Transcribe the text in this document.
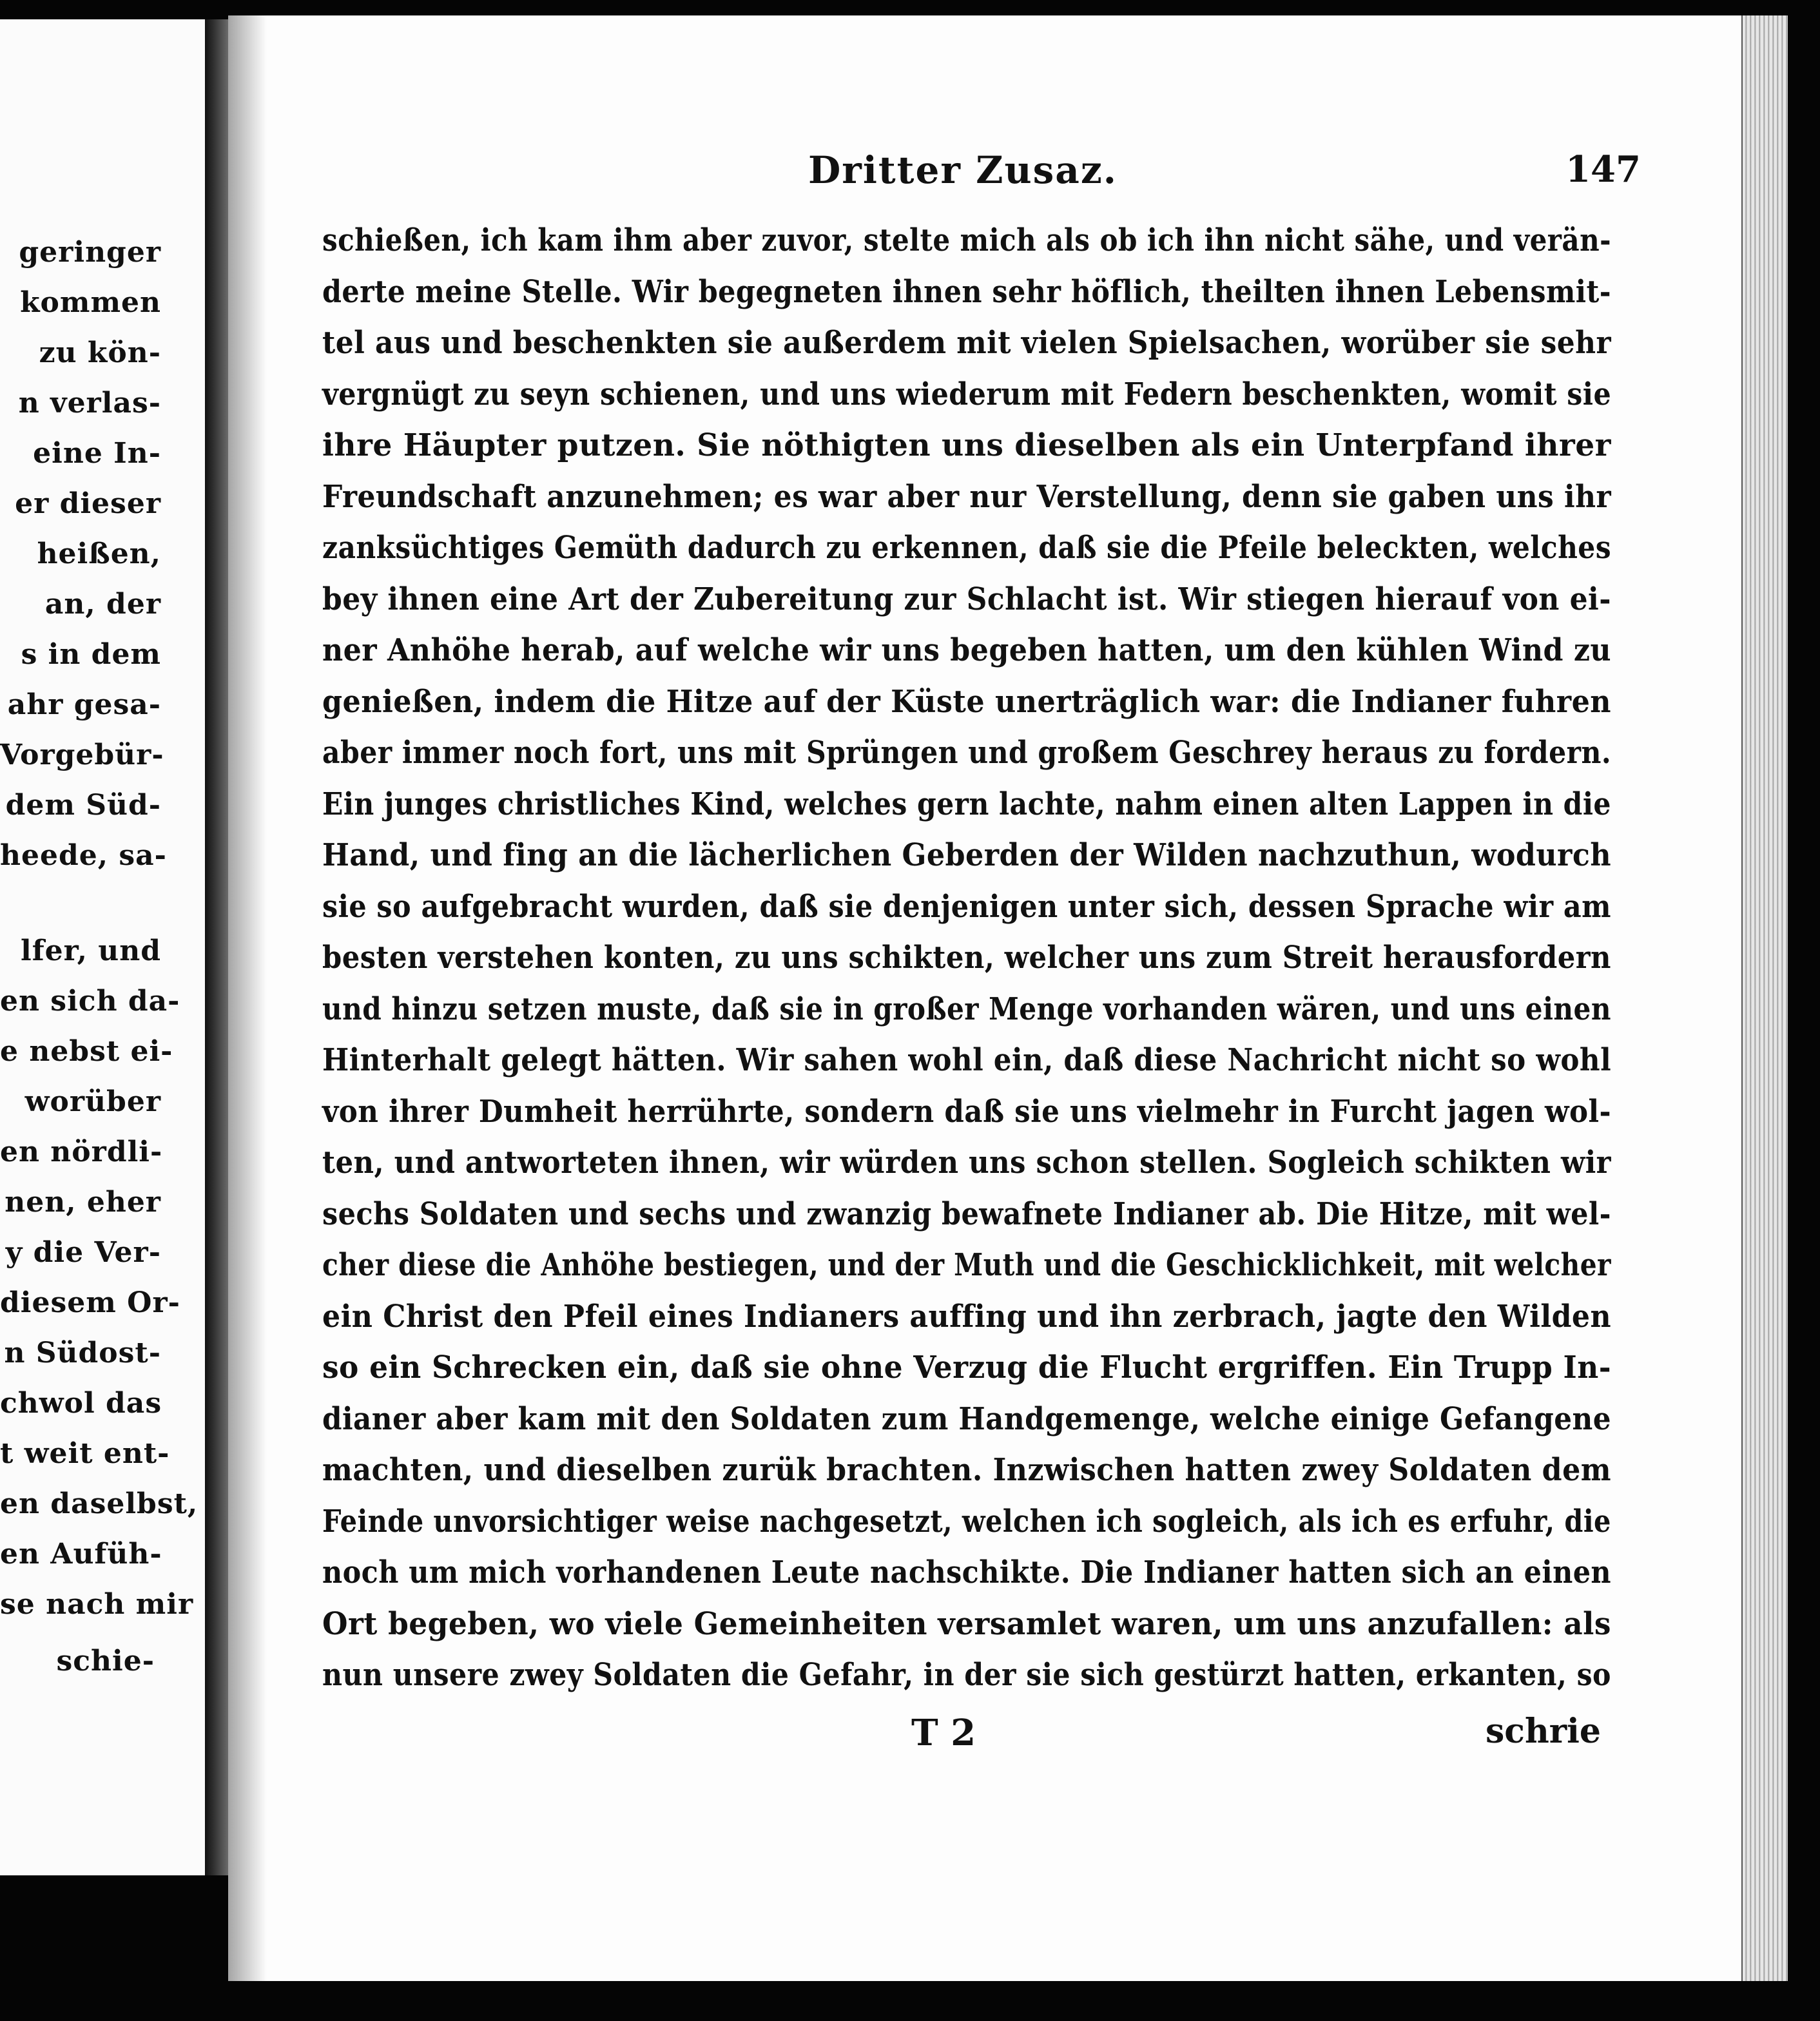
geringer
kommen
zu kön-
n verlas-
eine In-
er dieser
heißen,
an, der
s in dem
ahr gesa-
Vorgebür-
dem Süd-
heede, sa-
lfer, und
en sich da-
e nebst ei-
worüber
en nördli-
nen, eher
y die Ver-
diesem Or-
n Südost-
chwol das
t weit ent-
en daselbst,
en Aufüh-
se nach mir
schie-
Dritter Zusaz.	147
schießen, ich kam ihm aber zuvor, stelte mich als ob ich ihn nicht sähe, und verän-
derte meine Stelle. Wir begegneten ihnen sehr höflich, theilten ihnen Lebensmit-
tel aus und beschenkten sie außerdem mit vielen Spielsachen, worüber sie sehr
vergnügt zu seyn schienen, und uns wiederum mit Federn beschenkten, womit sie
ihre Häupter putzen. Sie nöthigten uns dieselben als ein Unterpfand ihrer
Freundschaft anzunehmen; es war aber nur Verstellung, denn sie gaben uns ihr
zanksüchtiges Gemüth dadurch zu erkennen, daß sie die Pfeile beleckten, welches
bey ihnen eine Art der Zubereitung zur Schlacht ist. Wir stiegen hierauf von ei-
ner Anhöhe herab, auf welche wir uns begeben hatten, um den kühlen Wind zu
genießen, indem die Hitze auf der Küste unerträglich war: die Indianer fuhren
aber immer noch fort, uns mit Sprüngen und großem Geschrey heraus zu fordern.
Ein junges christliches Kind, welches gern lachte, nahm einen alten Lappen in die
Hand, und fing an die lächerlichen Geberden der Wilden nachzuthun, wodurch
sie so aufgebracht wurden, daß sie denjenigen unter sich, dessen Sprache wir am
besten verstehen konten, zu uns schikten, welcher uns zum Streit herausfordern
und hinzu setzen muste, daß sie in großer Menge vorhanden wären, und uns einen
Hinterhalt gelegt hätten. Wir sahen wohl ein, daß diese Nachricht nicht so wohl
von ihrer Dumheit herrührte, sondern daß sie uns vielmehr in Furcht jagen wol-
ten, und antworteten ihnen, wir würden uns schon stellen. Sogleich schikten wir
sechs Soldaten und sechs und zwanzig bewafnete Indianer ab. Die Hitze, mit wel-
cher diese die Anhöhe bestiegen, und der Muth und die Geschicklichkeit, mit welcher
ein Christ den Pfeil eines Indianers auffing und ihn zerbrach, jagte den Wilden
so ein Schrecken ein, daß sie ohne Verzug die Flucht ergriffen. Ein Trupp In-
dianer aber kam mit den Soldaten zum Handgemenge, welche einige Gefangene
machten, und dieselben zurük brachten. Inzwischen hatten zwey Soldaten dem
Feinde unvorsichtiger weise nachgesetzt, welchen ich sogleich, als ich es erfuhr, die
noch um mich vorhandenen Leute nachschikte. Die Indianer hatten sich an einen
Ort begeben, wo viele Gemeinheiten versamlet waren, um uns anzufallen: als
nun unsere zwey Soldaten die Gefahr, in der sie sich gestürzt hatten, erkanten, so
T 2	schrie
